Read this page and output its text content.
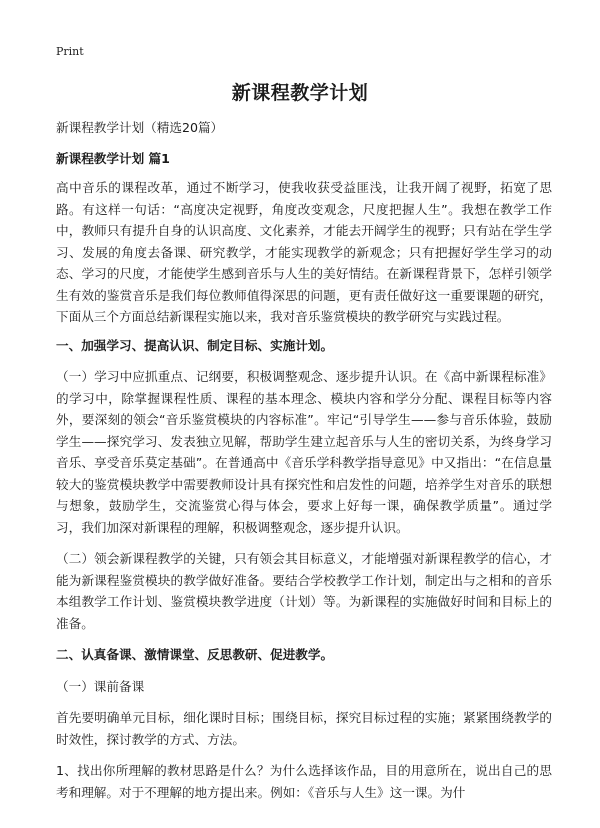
Print
新课程教学计划

新课程教学计划（精选20篇）

新课程教学计划 篇1

高中音乐的课程改革，通过不断学习，使我收获受益匪浅，让我开阔了视野，拓宽了思路。有这样一句话：“高度决定视野，角度改变观念，尺度把握人生”。我想在教学工作中，教师只有提升自身的认识高度、文化素养，才能去开阔学生的视野；只有站在学生学习、发展的角度去备课、研究教学，才能实现教学的新观念；只有把握好学生学习的动态、学习的尺度，才能使学生感到音乐与人生的美好情结。在新课程背景下，怎样引领学生有效的鉴赏音乐是我们每位教师值得深思的问题，更有责任做好这一重要课题的研究，下面从三个方面总结新课程实施以来，我对音乐鉴赏模块的教学研究与实践过程。

一、加强学习、提高认识、制定目标、实施计划。

（一）学习中应抓重点、记纲要，积极调整观念、逐步提升认识。在《高中新课程标准》的学习中，除掌握课程性质、课程的基本理念、模块内容和学分分配、课程目标等内容外，要深刻的领会“音乐鉴赏模块的内容标准”。牢记“引导学生——参与音乐体验，鼓励学生——探究学习、发表独立见解，帮助学生建立起音乐与人生的密切关系，为终身学习音乐、享受音乐莫定基础”。在普通高中《音乐学科教学指导意见》中又指出：“在信息量较大的鉴赏模块教学中需要教师设计具有探究性和启发性的问题，培养学生对音乐的联想与想象，鼓励学生，交流鉴赏心得与体会，要求上好每一课，确保教学质量”。通过学习，我们加深对新课程的理解，积极调整观念，逐步提升认识。

（二）领会新课程教学的关键，只有领会其目标意义，才能增强对新课程教学的信心，才能为新课程鉴赏模块的教学做好准备。要结合学校教学工作计划，制定出与之相和的音乐本组教学工作计划、鉴赏模块教学进度（计划）等。为新课程的实施做好时间和目标上的准备。

二、认真备课、激情课堂、反思教研、促进教学。

（一）课前备课

首先要明确单元目标，细化课时目标；围绕目标，探究目标过程的实施；紧紧围绕教学的时效性，探讨教学的方式、方法。

1、找出你所理解的教材思路是什么？为什么选择该作品，目的用意所在，说出自己的思考和理解。对于不理解的地方提出来。例如：《音乐与人生》这一课。为什
